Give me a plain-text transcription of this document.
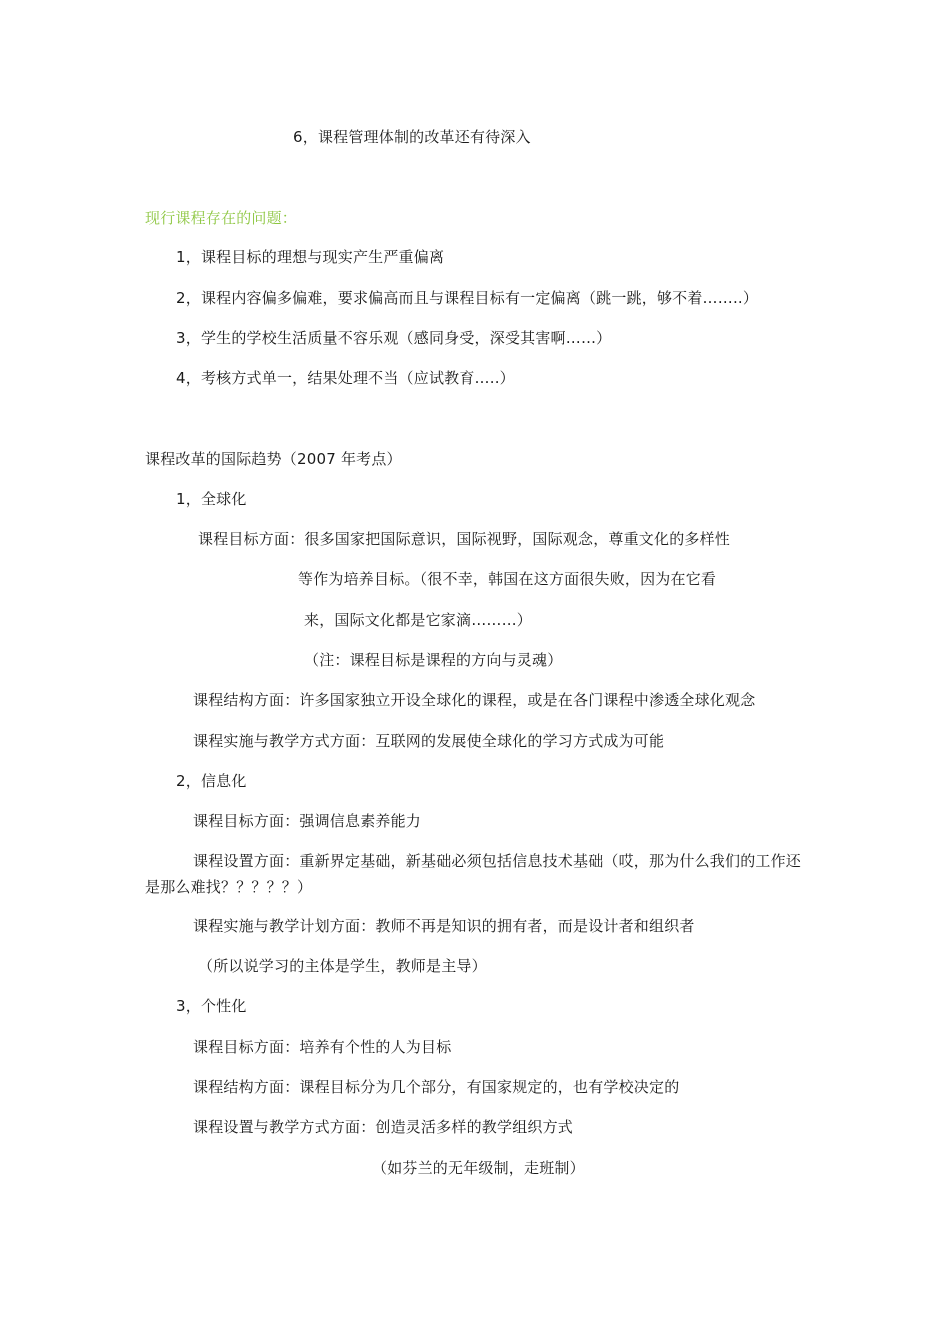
6，课程管理体制的改革还有待深入
现行课程存在的问题：
1，课程目标的理想与现实产生严重偏离
2，课程内容偏多偏难，要求偏高而且与课程目标有一定偏离（跳一跳，够不着……..）
3，学生的学校生活质量不容乐观（感同身受，深受其害啊……）
4，考核方式单一，结果处理不当（应试教育…..）
课程改革的国际趋势（2007 年考点）
1，全球化
课程目标方面：很多国家把国际意识，国际视野，国际观念，尊重文化的多样性
等作为培养目标。（很不幸，韩国在这方面很失败，因为在它看
来，国际文化都是它家滴………）
（注：课程目标是课程的方向与灵魂）
课程结构方面：许多国家独立开设全球化的课程，或是在各门课程中渗透全球化观念
课程实施与教学方式方面：互联网的发展使全球化的学习方式成为可能
2，信息化
课程目标方面：强调信息素养能力
课程设置方面：重新界定基础，新基础必须包括信息技术基础（哎，那为什么我们的工作还是那么难找？？？？？）
课程实施与教学计划方面：教师不再是知识的拥有者，而是设计者和组织者
（所以说学习的主体是学生，教师是主导）
3，个性化
课程目标方面：培养有个性的人为目标
课程结构方面：课程目标分为几个部分，有国家规定的，也有学校决定的
课程设置与教学方式方面：创造灵活多样的教学组织方式
（如芬兰的无年级制，走班制）
